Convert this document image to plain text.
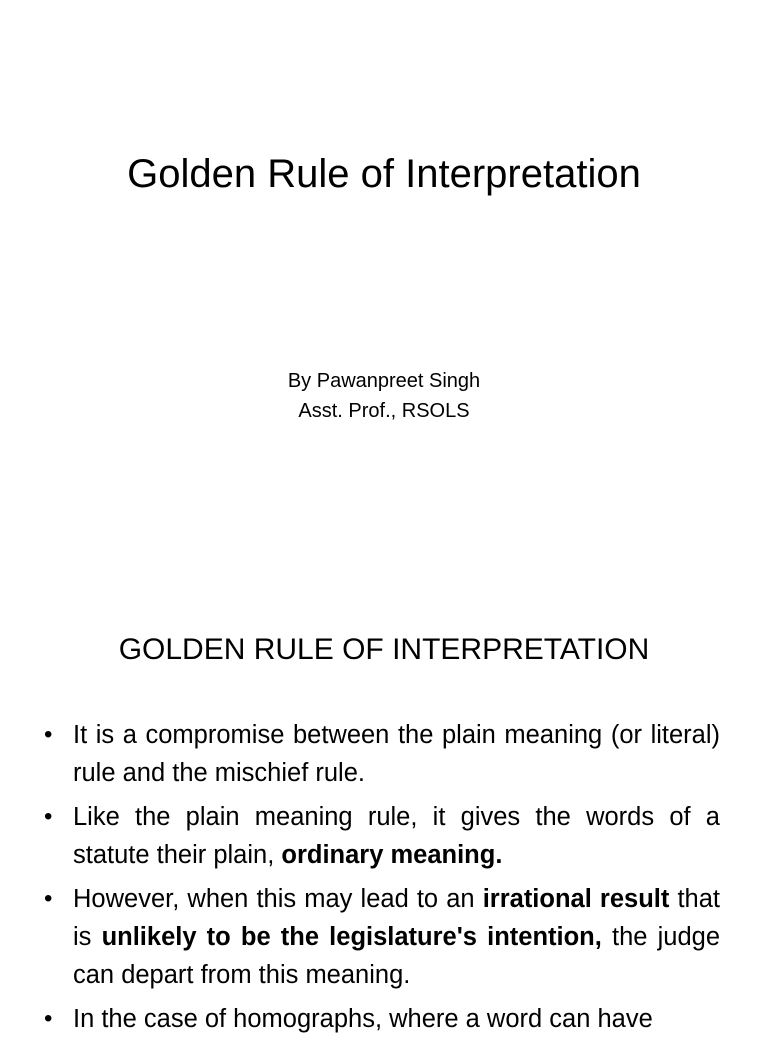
Golden Rule of Interpretation
By Pawanpreet Singh
Asst. Prof., RSOLS
GOLDEN RULE OF INTERPRETATION
• It is a compromise between the plain meaning (or literal) rule and the mischief rule.
• Like the plain meaning rule, it gives the words of a statute their plain, ordinary meaning.
• However, when this may lead to an irrational result that is unlikely to be the legislature's intention, the judge can depart from this meaning.
• In the case of homographs, where a word can have
